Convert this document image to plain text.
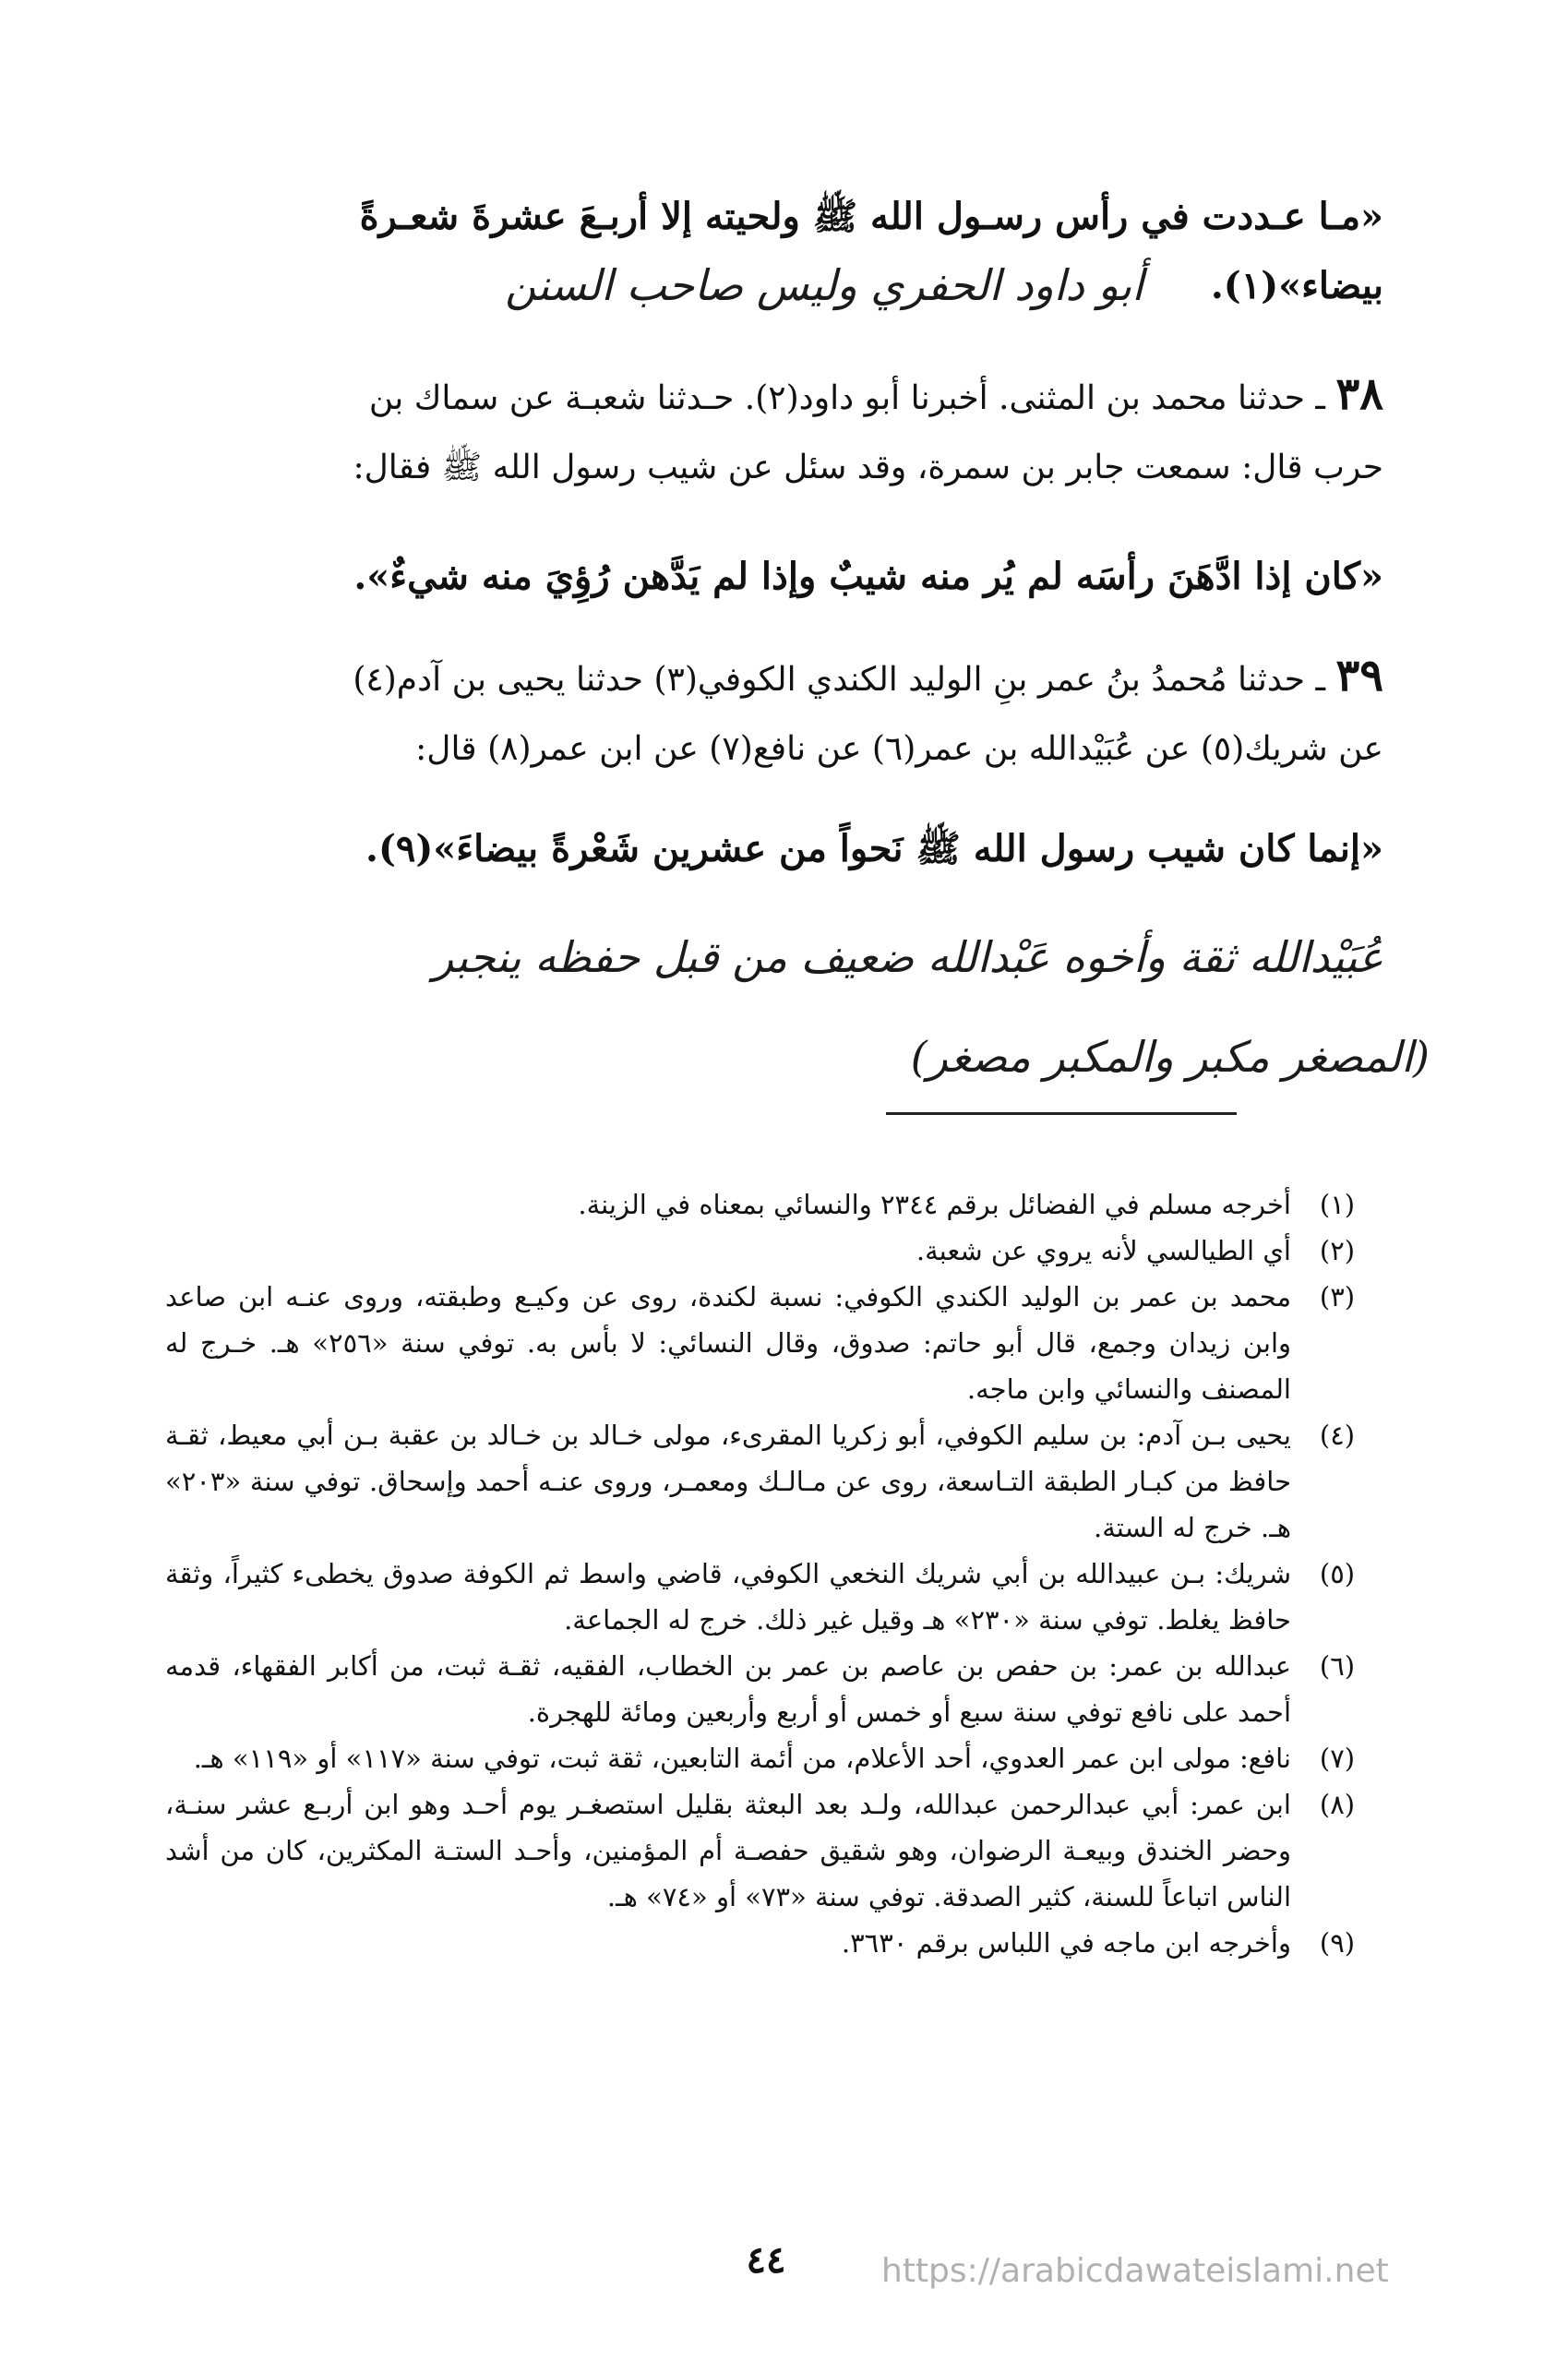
«مـا عـددت في رأس رسـول الله ﷺ ولحيته إلا أربـعَ عشرةَ شعـرةً
بيضاء»(١).
أبو داود الحفري وليس صاحب السنن
٣٨ ـ حدثنا محمد بن المثنى. أخبرنا أبو داود(٢). حـدثنا شعبـة عن سماك بن
حرب قال: سمعت جابر بن سمرة، وقد سئل عن شيب رسول الله ﷺ فقال:
«كان إذا ادَّهَنَ رأسَه لم يُر منه شيبٌ وإذا لم يَدَّهن رُؤِيَ منه شيءٌ».
٣٩ ـ حدثنا مُحمدُ بنُ عمر بنِ الوليد الكندي الكوفي(٣) حدثنا يحيى بن آدم(٤)
عن شريك(٥) عن عُبَيْدالله بن عمر(٦) عن نافع(٧) عن ابن عمر(٨) قال:
«إنما كان شيب رسول الله ﷺ نَحواً من عشرين شَعْرةً بيضاءَ»(٩).
عُبَيْدالله ثقة وأخوه عَبْدالله ضعيف من قبل حفظه ينجبر
(المصغر مكبر والمكبر مصغر)
(١)
أخرجه مسلم في الفضائل برقم ٢٣٤٤ والنسائي بمعناه في الزينة.
(٢)
أي الطيالسي لأنه يروي عن شعبة.
(٣)
محمد بن عمر بن الوليد الكندي الكوفي: نسبة لكندة، روى عن وكيـع وطبقته، وروى عنـه ابن صاعد وابن زيدان وجمع، قال أبو حاتم: صدوق، وقال النسائي: لا بأس به. توفي سنة «٢٥٦» هـ. خـرج له المصنف والنسائي وابن ماجه.
(٤)
يحيى بـن آدم: بن سليم الكوفي، أبو زكريا المقرىء، مولى خـالد بن خـالد بن عقبة بـن أبي معيط، ثقـة حافظ من كبـار الطبقة التـاسعة، روى عن مـالـك ومعمـر، وروى عنـه أحمد وإسحاق. توفي سنة «٢٠٣» هـ. خرج له الستة.
(٥)
شريك: بـن عبيدالله بن أبي شريك النخعي الكوفي، قاضي واسط ثم الكوفة صدوق يخطىء كثيراً، وثقة حافظ يغلط. توفي سنة «٢٣٠» هـ وقيل غير ذلك. خرج له الجماعة.
(٦)
عبدالله بن عمر: بن حفص بن عاصم بن عمر بن الخطاب، الفقيه، ثقـة ثبت، من أكابر الفقهاء، قدمه أحمد على نافع توفي سنة سبع أو خمس أو أربع وأربعين ومائة للهجرة.
(٧)
نافع: مولى ابن عمر العدوي، أحد الأعلام، من أئمة التابعين، ثقة ثبت، توفي سنة «١١٧» أو «١١٩» هـ.
(٨)
ابن عمر: أبي عبدالرحمن عبدالله، ولـد بعد البعثة بقليل استصغـر يوم أحـد وهو ابن أربـع عشر سنـة، وحضر الخندق وبيعـة الرضوان، وهو شقيق حفصـة أم المؤمنين، وأحـد الستـة المكثرين، كان من أشد الناس اتباعاً للسنة، كثير الصدقة. توفي سنة «٧٣» أو «٧٤» هـ.
(٩)
وأخرجه ابن ماجه في اللباس برقم ٣٦٣٠.
٤٤	https://arabicdawateislami.net
